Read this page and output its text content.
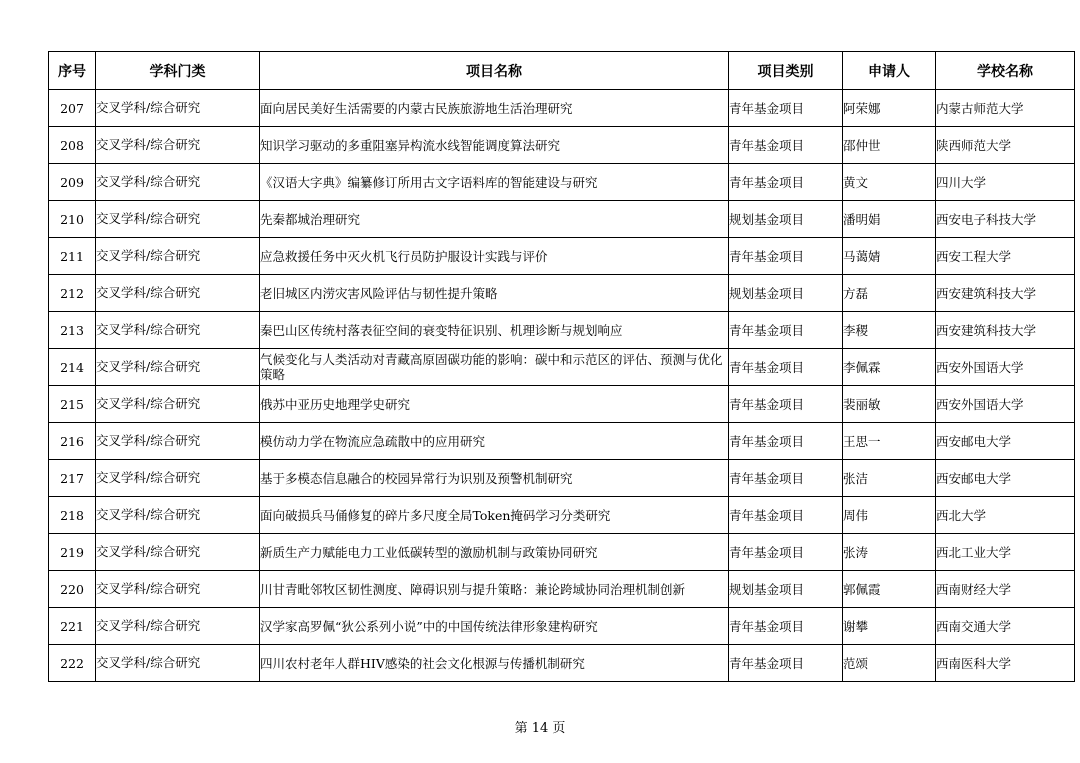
序号	学科门类	项目名称	项目类别	申请人	学校名称
207	交叉学科/综合研究	面向居民美好生活需要的内蒙古民族旅游地生活治理研究	青年基金项目	阿荣娜	内蒙古师范大学
208	交叉学科/综合研究	知识学习驱动的多重阻塞异构流水线智能调度算法研究	青年基金项目	邵仲世	陕西师范大学
209	交叉学科/综合研究	《汉语大字典》编纂修订所用古文字语料库的智能建设与研究	青年基金项目	黄文	四川大学
210	交叉学科/综合研究	先秦都城治理研究	规划基金项目	潘明娟	西安电子科技大学
211	交叉学科/综合研究	应急救援任务中灭火机飞行员防护服设计实践与评价	青年基金项目	马蔼婧	西安工程大学
212	交叉学科/综合研究	老旧城区内涝灾害风险评估与韧性提升策略	规划基金项目	方磊	西安建筑科技大学
213	交叉学科/综合研究	秦巴山区传统村落表征空间的衰变特征识别、机理诊断与规划响应	青年基金项目	李稷	西安建筑科技大学
214	交叉学科/综合研究	气候变化与人类活动对青藏高原固碳功能的影响：碳中和示范区的评估、预测与优化策略	青年基金项目	李佩霖	西安外国语大学
215	交叉学科/综合研究	俄苏中亚历史地理学史研究	青年基金项目	裴丽敏	西安外国语大学
216	交叉学科/综合研究	模仿动力学在物流应急疏散中的应用研究	青年基金项目	王思一	西安邮电大学
217	交叉学科/综合研究	基于多模态信息融合的校园异常行为识别及预警机制研究	青年基金项目	张洁	西安邮电大学
218	交叉学科/综合研究	面向破损兵马俑修复的碎片多尺度全局Token掩码学习分类研究	青年基金项目	周伟	西北大学
219	交叉学科/综合研究	新质生产力赋能电力工业低碳转型的激励机制与政策协同研究	青年基金项目	张涛	西北工业大学
220	交叉学科/综合研究	川甘青毗邻牧区韧性测度、障碍识别与提升策略：兼论跨域协同治理机制创新	规划基金项目	郭佩霞	西南财经大学
221	交叉学科/综合研究	汉学家高罗佩“狄公系列小说”中的中国传统法律形象建构研究	青年基金项目	谢攀	西南交通大学
222	交叉学科/综合研究	四川农村老年人群HIV感染的社会文化根源与传播机制研究	青年基金项目	范颂	西南医科大学
第 14 页
